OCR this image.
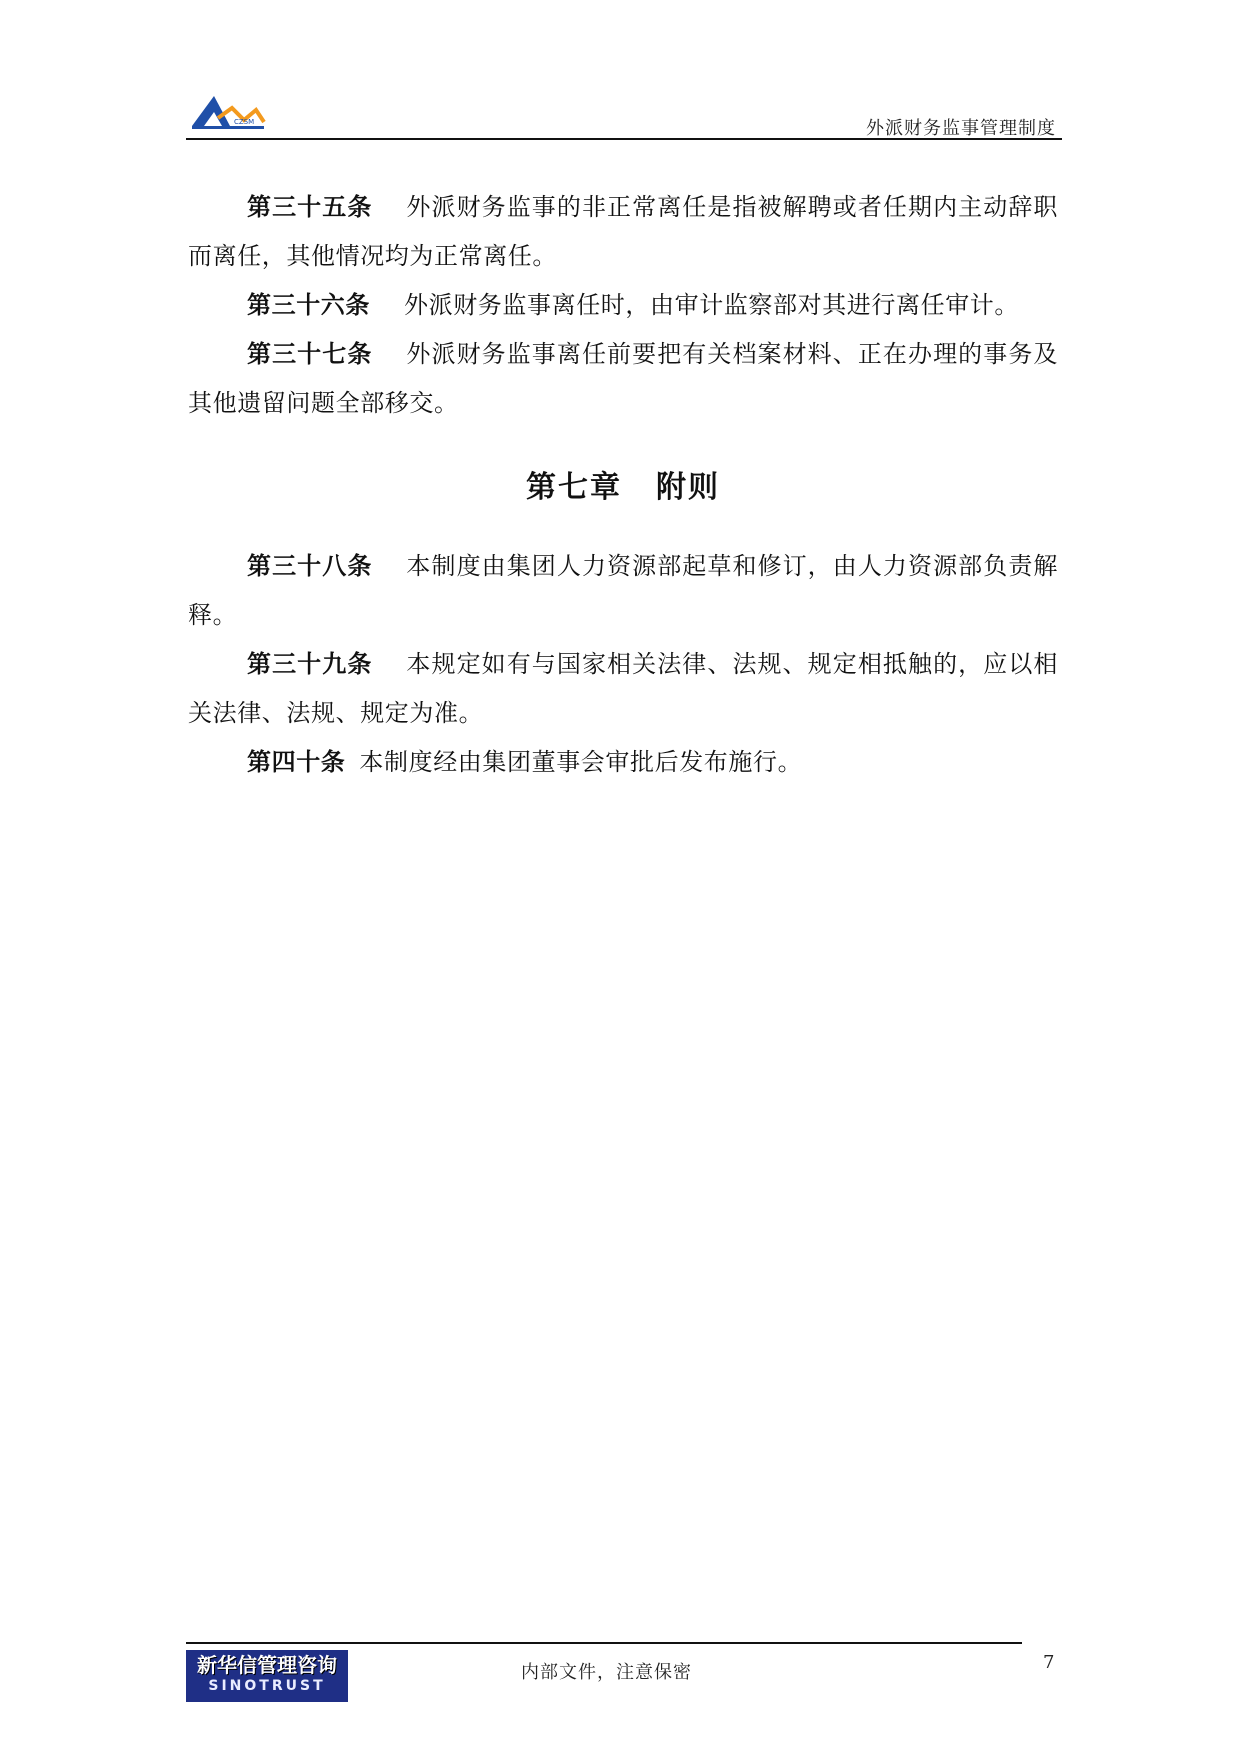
CZSM	外派财务监事管理制度

第三十五条 外派财务监事的非正常离任是指被解聘或者任期内主动辞职而离任，其他情况均为正常离任。

第三十六条 外派财务监事离任时，由审计监察部对其进行离任审计。

第三十七条 外派财务监事离任前要把有关档案材料、正在办理的事务及其他遗留问题全部移交。

第七章 附则

第三十八条 本制度由集团人力资源部起草和修订，由人力资源部负责解释。

第三十九条 本规定如有与国家相关法律、法规、规定相抵触的，应以相关法律、法规、规定为准。

第四十条 本制度经由集团董事会审批后发布施行。

新华信管理咨询
SINOTRUST
内部文件，注意保密	7
